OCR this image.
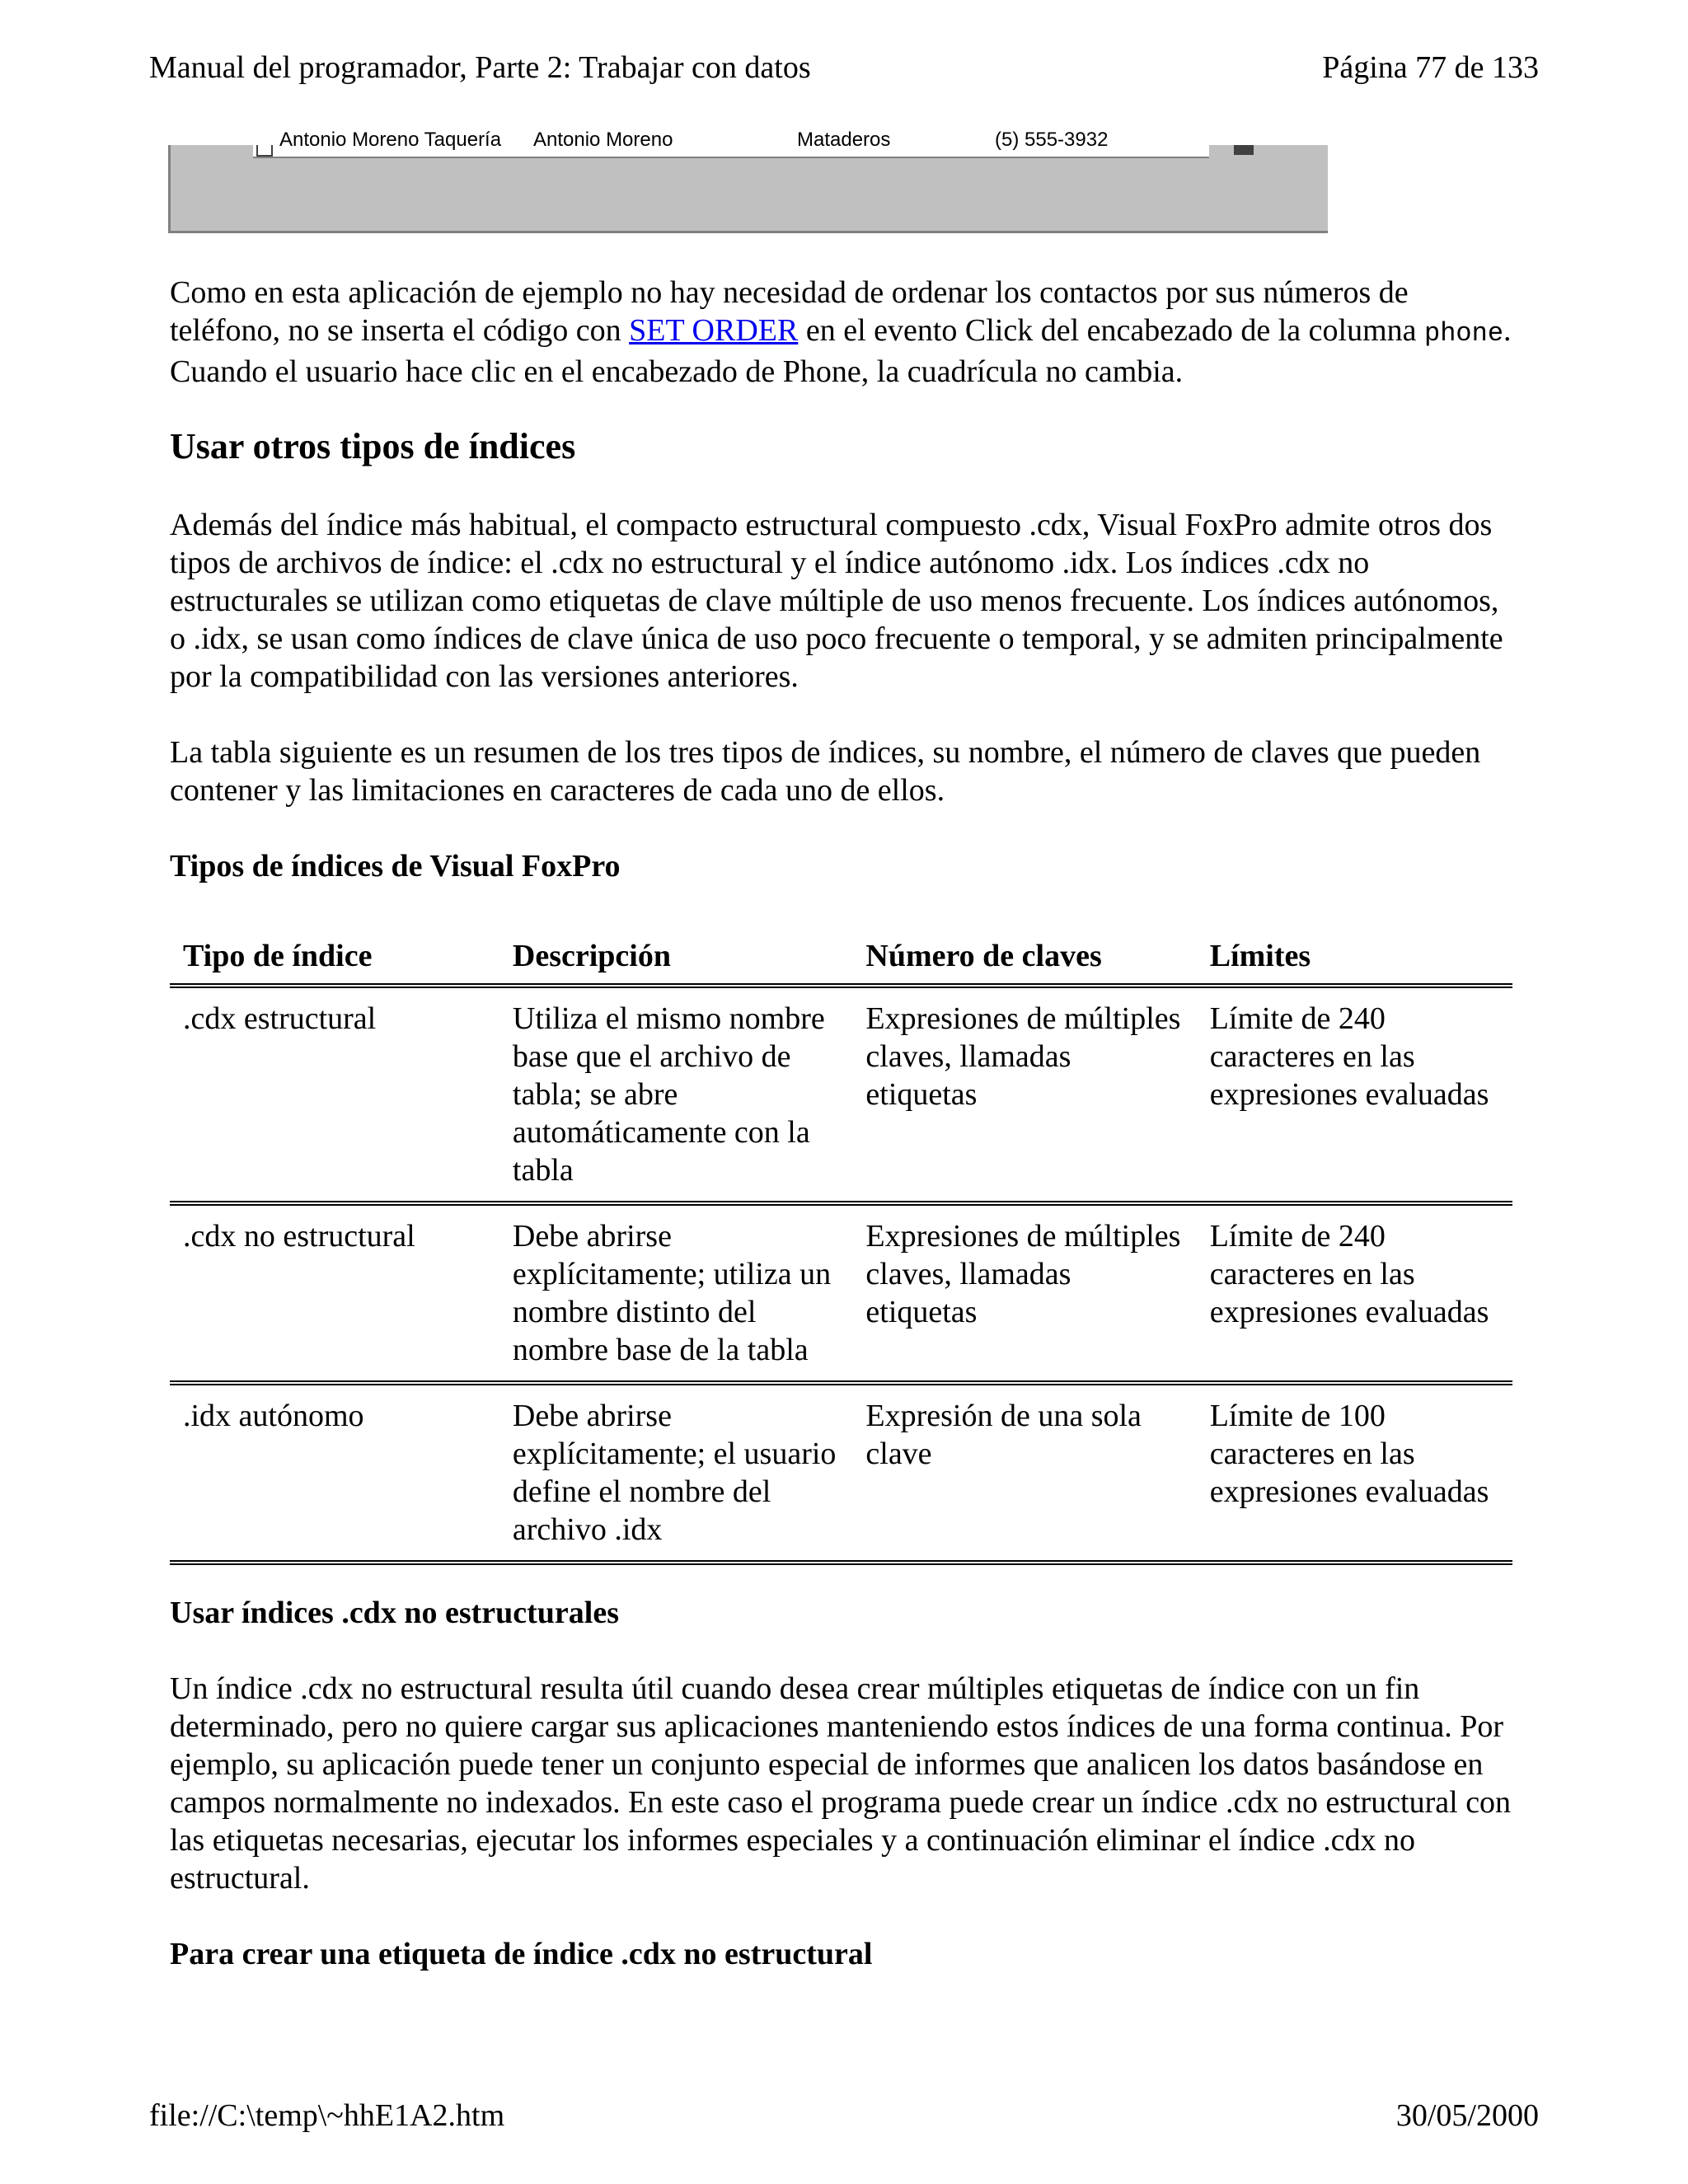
Manual del programador, Parte 2: Trabajar con datos	Página 77 de 133
Antonio Moreno Taquería Antonio Moreno	Mataderos	(5) 555-3932

Como en esta aplicación de ejemplo no hay necesidad de ordenar los contactos por sus números de teléfono, no se inserta el código con SET ORDER en el evento Click del encabezado de la columna phone. Cuando el usuario hace clic en el encabezado de Phone, la cuadrícula no cambia.

Usar otros tipos de índices

Además del índice más habitual, el compacto estructural compuesto .cdx, Visual FoxPro admite otros dos tipos de archivos de índice: el .cdx no estructural y el índice autónomo .idx. Los índices .cdx no estructurales se utilizan como etiquetas de clave múltiple de uso menos frecuente. Los índices autónomos, o .idx, se usan como índices de clave única de uso poco frecuente o temporal, y se admiten principalmente por la compatibilidad con las versiones anteriores.

La tabla siguiente es un resumen de los tres tipos de índices, su nombre, el número de claves que pueden contener y las limitaciones en caracteres de cada uno de ellos.

Tipos de índices de Visual FoxPro
Tipo de índice	Descripción	Número de claves	Límites
.cdx estructural	Utiliza el mismo nombre base que el archivo de tabla; se abre automáticamente con la tabla	Expresiones de múltiples claves, llamadas etiquetas	Límite de 240 caracteres en las expresiones evaluadas
.cdx no estructural	Debe abrirse explícitamente; utiliza un nombre distinto del nombre base de la tabla	Expresiones de múltiples claves, llamadas etiquetas	Límite de 240 caracteres en las expresiones evaluadas
.idx autónomo	Debe abrirse explícitamente; el usuario define el nombre del archivo .idx	Expresión de una sola clave	Límite de 100 caracteres en las expresiones evaluadas
Usar índices .cdx no estructurales

Un índice .cdx no estructural resulta útil cuando desea crear múltiples etiquetas de índice con un fin determinado, pero no quiere cargar sus aplicaciones manteniendo estos índices de una forma continua. Por ejemplo, su aplicación puede tener un conjunto especial de informes que analicen los datos basándose en campos normalmente no indexados. En este caso el programa puede crear un índice .cdx no estructural con las etiquetas necesarias, ejecutar los informes especiales y a continuación eliminar el índice .cdx no estructural.

Para crear una etiqueta de índice .cdx no estructural
file://C:\temp\~hhE1A2.htm	30/05/2000
